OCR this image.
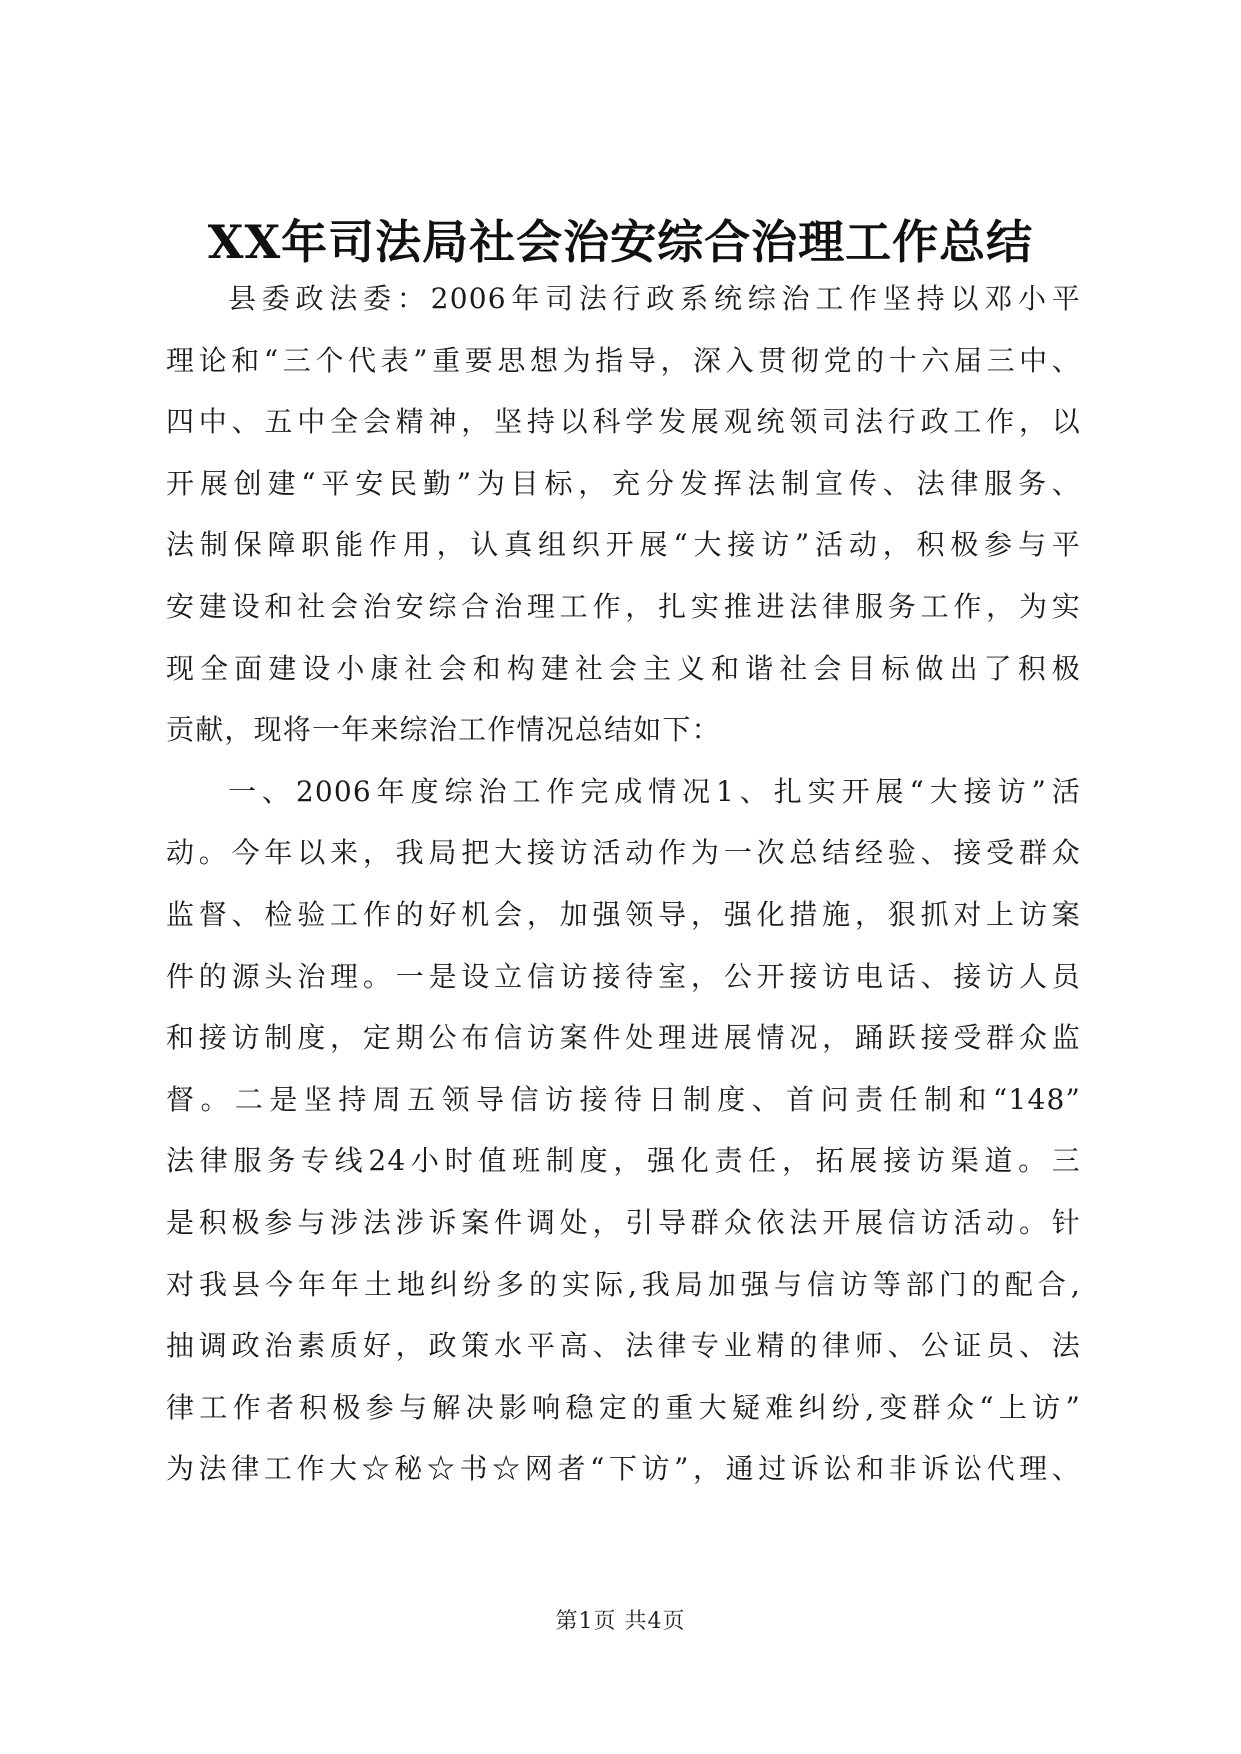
XX年司法局社会治安综合治理工作总结
县委政法委：2006年司法行政系统综治工作坚持以邓小平
理论和“三个代表”重要思想为指导，深入贯彻党的十六届三中、
四中、五中全会精神，坚持以科学发展观统领司法行政工作，以
开展创建“平安民勤”为目标，充分发挥法制宣传、法律服务、
法制保障职能作用，认真组织开展“大接访”活动，积极参与平
安建设和社会治安综合治理工作，扎实推进法律服务工作，为实
现全面建设小康社会和构建社会主义和谐社会目标做出了积极
贡献，现将一年来综治工作情况总结如下：
一、2006年度综治工作完成情况1、扎实开展“大接访”活
动。今年以来，我局把大接访活动作为一次总结经验、接受群众
监督、检验工作的好机会，加强领导，强化措施，狠抓对上访案
件的源头治理。一是设立信访接待室，公开接访电话、接访人员
和接访制度，定期公布信访案件处理进展情况，踊跃接受群众监
督。二是坚持周五领导信访接待日制度、首问责任制和“148”
法律服务专线24小时值班制度，强化责任，拓展接访渠道。三
是积极参与涉法涉诉案件调处，引导群众依法开展信访活动。针
对我县今年年土地纠纷多的实际,我局加强与信访等部门的配合,
抽调政治素质好，政策水平高、法律专业精的律师、公证员、法
律工作者积极参与解决影响稳定的重大疑难纠纷,变群众“上访”
为法律工作大☆秘☆书☆网者“下访”，通过诉讼和非诉讼代理、
第1页 共4页
